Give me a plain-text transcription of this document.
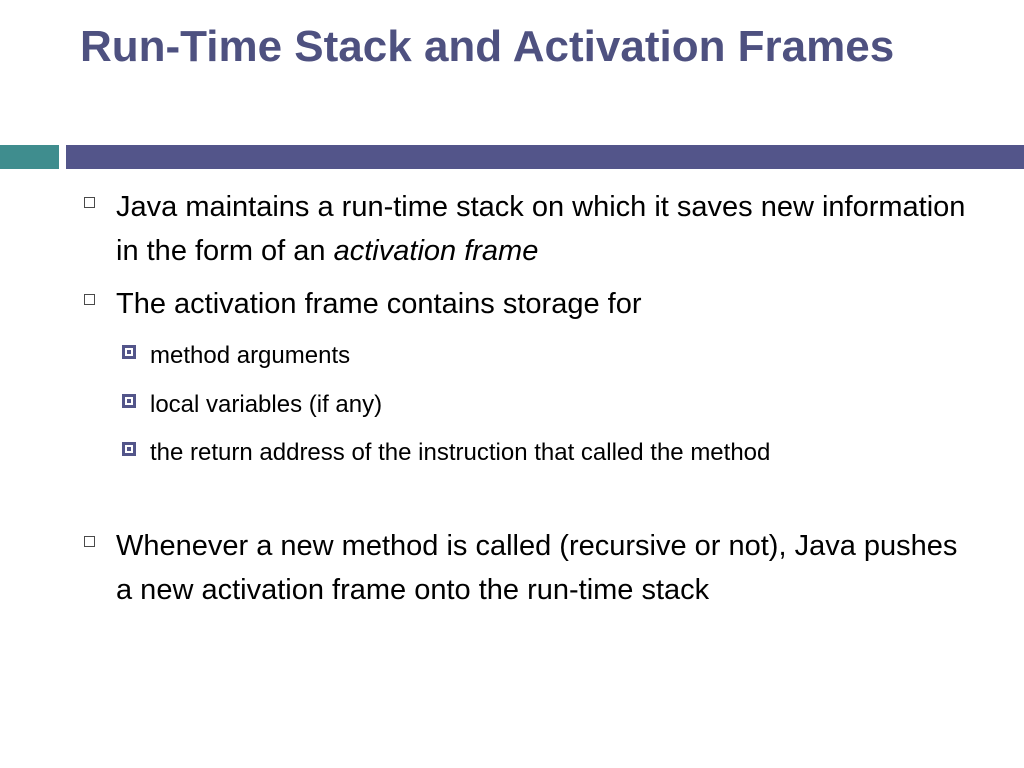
Run-Time Stack and Activation Frames
Java maintains a run-time stack on which it saves new information in the form of an activation frame
The activation frame contains storage for
method arguments
local variables (if any)
the return address of the instruction that called the method
Whenever a new method is called (recursive or not), Java pushes a new activation frame onto the run-time stack
